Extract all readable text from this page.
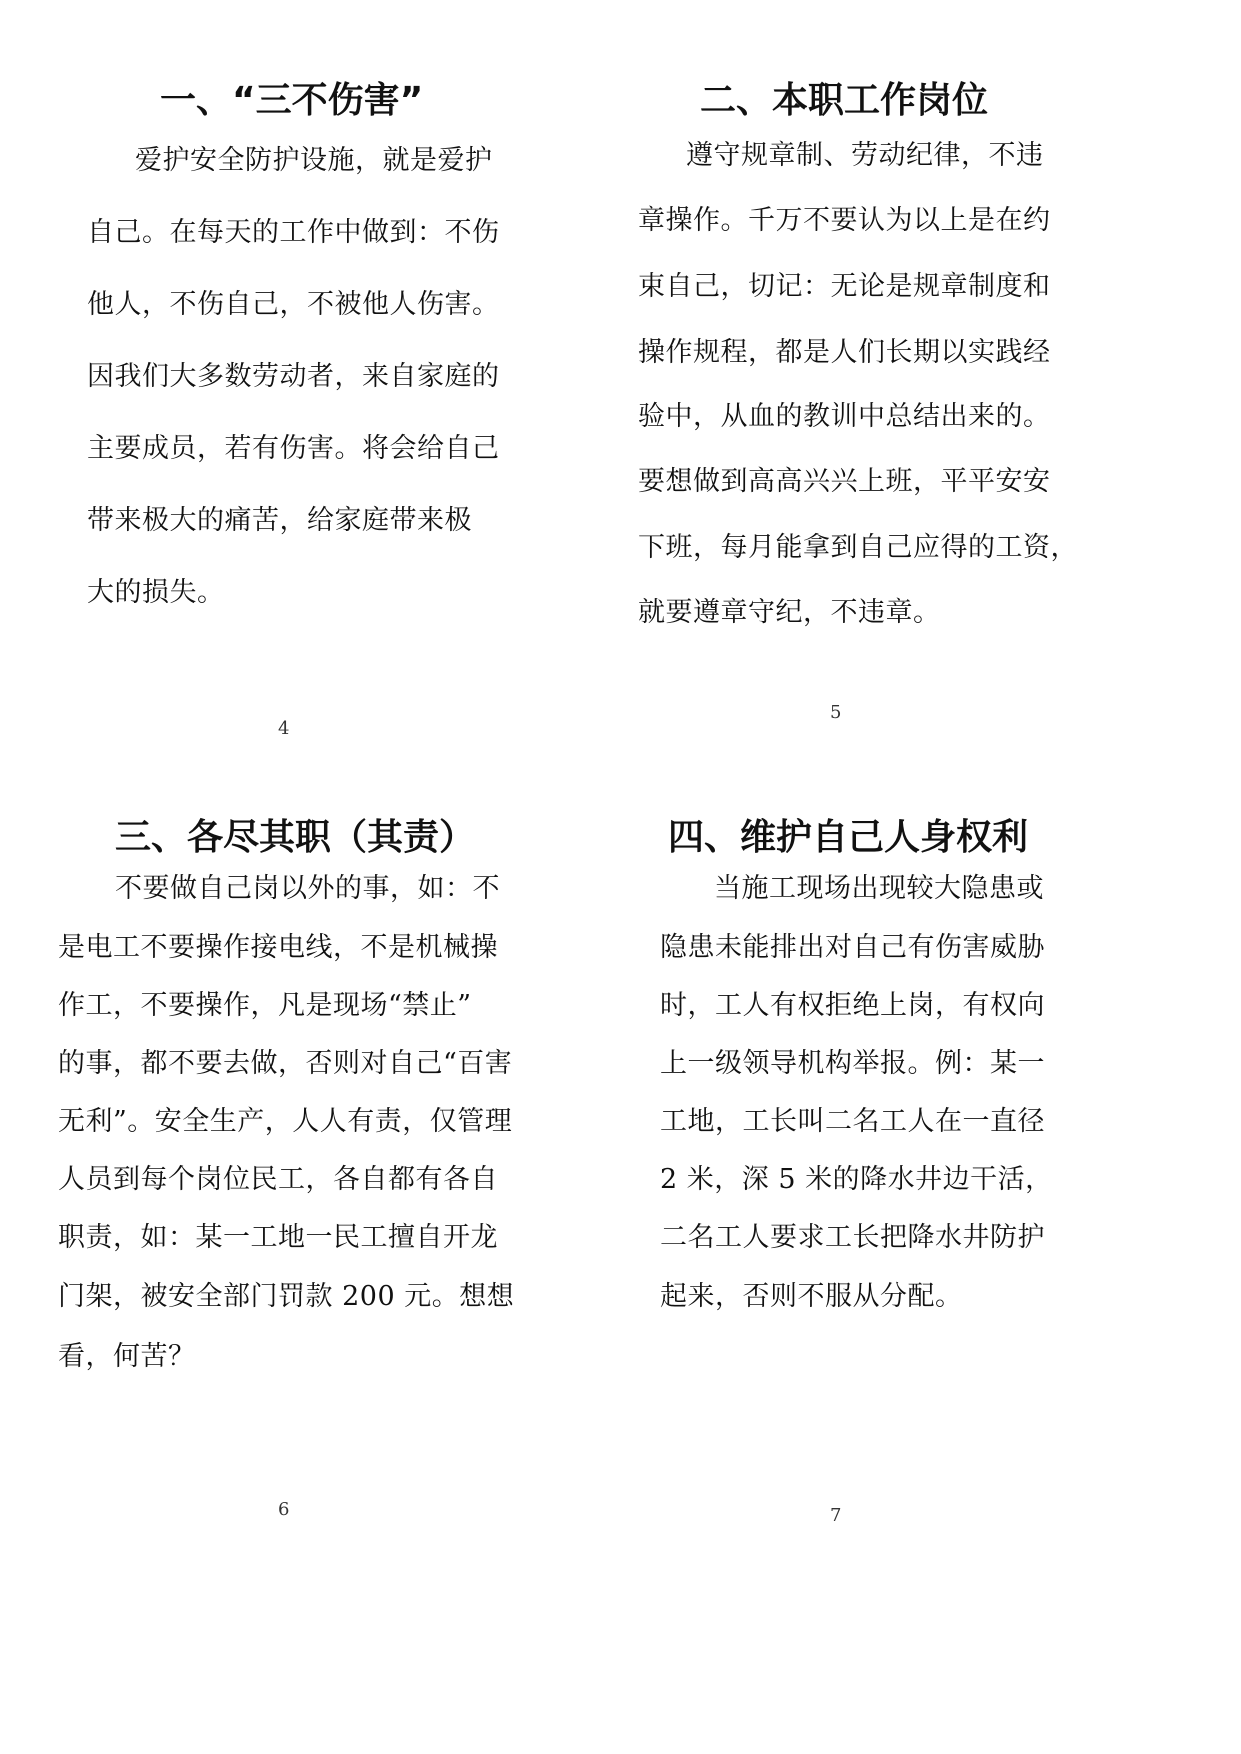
一、“三不伤害”

爱护安全防护设施，就是爱护

自己。在每天的工作中做到：不伤

他人，不伤自己，不被他人伤害。

因我们大多数劳动者，来自家庭的

主要成员，若有伤害。将会给自己

带来极大的痛苦，给家庭带来极

大的损失。

4

二、本职工作岗位

遵守规章制、劳动纪律，不违

章操作。千万不要认为以上是在约

束自己，切记：无论是规章制度和

操作规程，都是人们长期以实践经

验中，从血的教训中总结出来的。

要想做到高高兴兴上班，平平安安

下班，每月能拿到自己应得的工资，

就要遵章守纪，不违章。

5

三、各尽其职（其责）

不要做自己岗以外的事，如：不

是电工不要操作接电线，不是机械操

作工，不要操作，凡是现场“禁止”

的事，都不要去做，否则对自己“百害

无利”。安全生产，人人有责，仅管理

人员到每个岗位民工，各自都有各自

职责，如：某一工地一民工擅自开龙

门架，被安全部门罚款 200 元。想想

看，何苦？

6

四、维护自己人身权利

当施工现场出现较大隐患或

隐患未能排出对自己有伤害威胁

时，工人有权拒绝上岗，有权向

上一级领导机构举报。例：某一

工地，工长叫二名工人在一直径

2 米，深 5 米的降水井边干活，

二名工人要求工长把降水井防护

起来，否则不服从分配。

7
